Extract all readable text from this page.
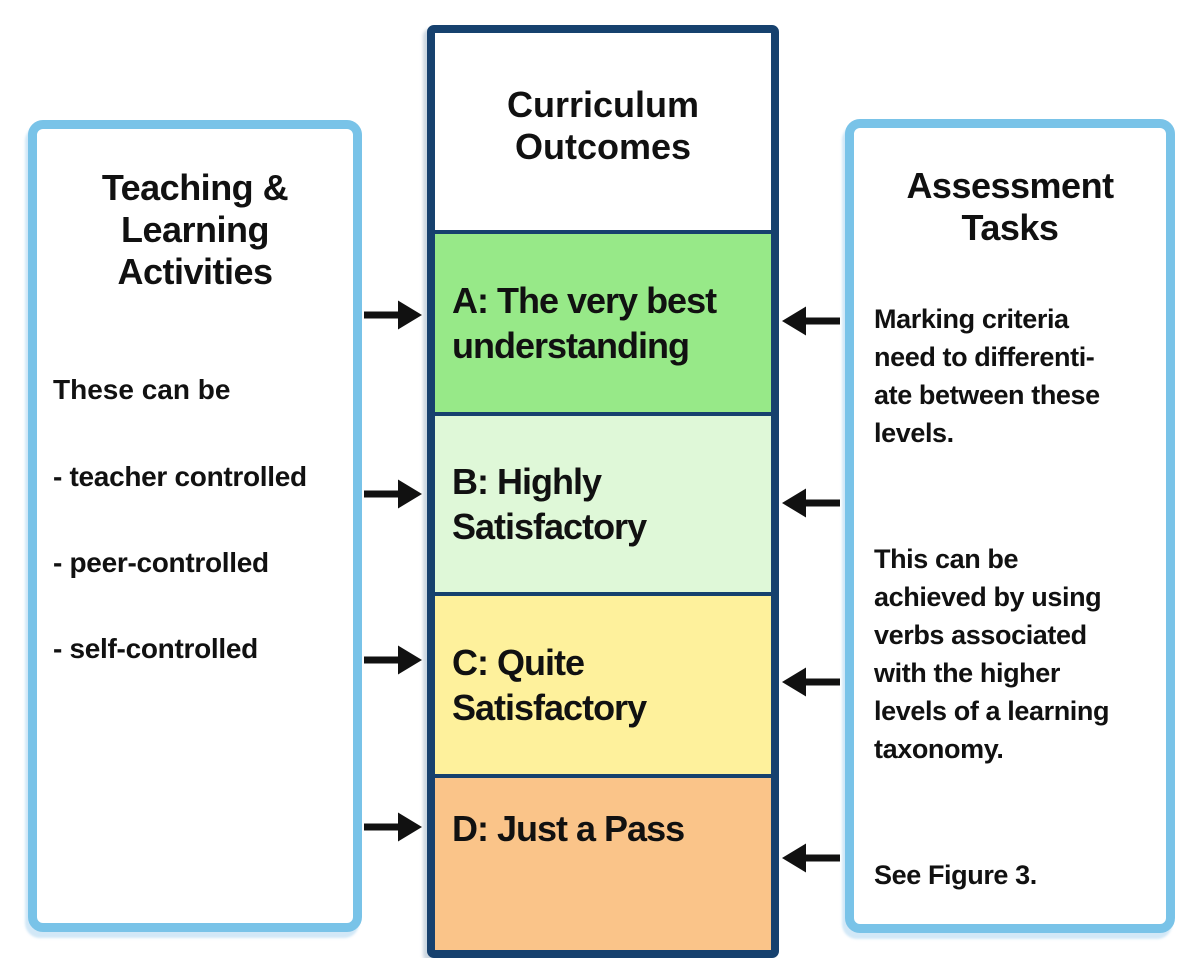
Teaching &
Learning
Activities
These can be
- teacher controlled
- peer-controlled
- self-controlled
Curriculum
Outcomes
A: The very best
understanding
B: Highly
Satisfactory
C: Quite
Satisfactory
D: Just a Pass
Assessment
Tasks
Marking criteria
need to differenti-
ate between these
levels.
This can be
achieved by using
verbs associated
with the higher
levels of a learning
taxonomy.
See Figure 3.
